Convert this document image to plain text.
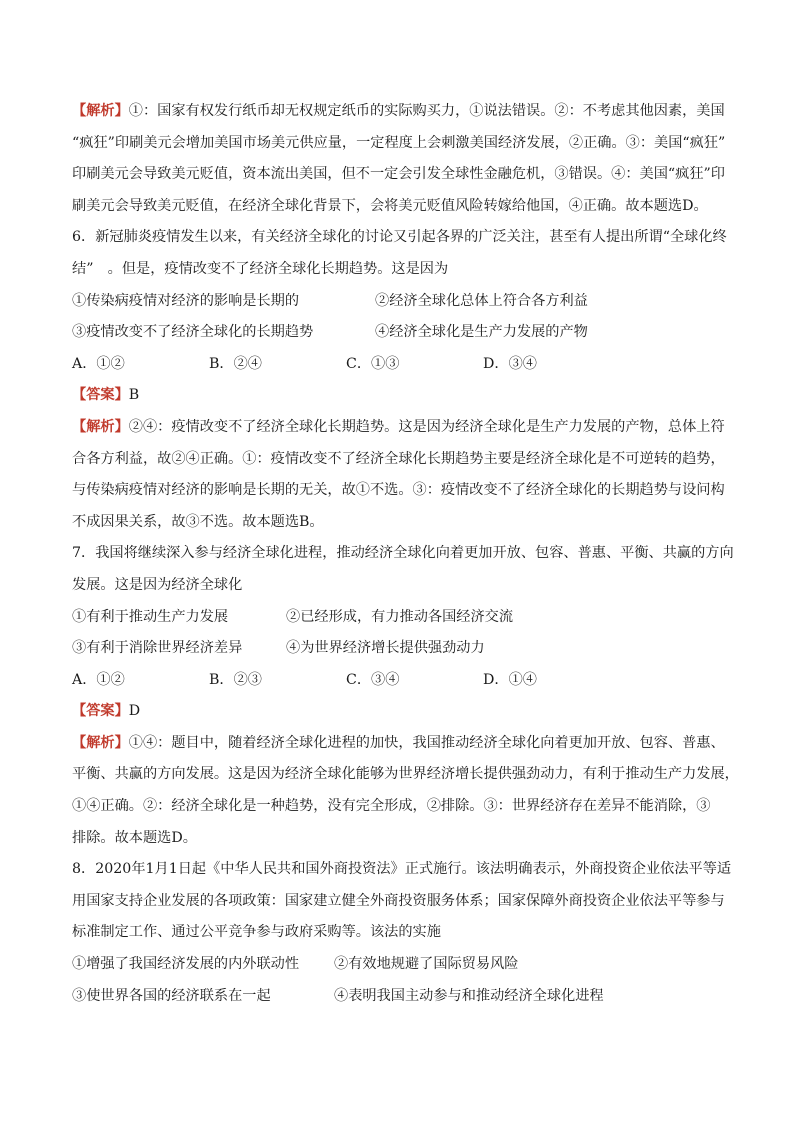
【解析】①：国家有权发行纸币却无权规定纸币的实际购买力，①说法错误。②：不考虑其他因素，美国
“疯狂”印刷美元会增加美国市场美元供应量，一定程度上会刺激美国经济发展，②正确。③：美国“疯狂”
印刷美元会导致美元贬值，资本流出美国，但不一定会引发全球性金融危机，③错误。④：美国“疯狂”印
刷美元会导致美元贬值，在经济全球化背景下，会将美元贬值风险转嫁给他国，④正确。故本题选D。
6．新冠肺炎疫情发生以来，有关经济全球化的讨论又引起各界的广泛关注，甚至有人提出所谓“全球化终
结”　。但是，疫情改变不了经济全球化长期趋势。这是因为
①传染病疫情对经济的影响是长期的	②经济全球化总体上符合各方利益
③疫情改变不了经济全球化的长期趋势	④经济全球化是生产力发展的产物
A．①②	B．②④	C．①③	D．③④
【答案】B
【解析】②④：疫情改变不了经济全球化长期趋势。这是因为经济全球化是生产力发展的产物，总体上符
合各方利益，故②④正确。①：疫情改变不了经济全球化长期趋势主要是经济全球化是不可逆转的趋势，
与传染病疫情对经济的影响是长期的无关，故①不选。③：疫情改变不了经济全球化的长期趋势与设问构
不成因果关系，故③不选。故本题选B。
7．我国将继续深入参与经济全球化进程，推动经济全球化向着更加开放、包容、普惠、平衡、共赢的方向
发展。这是因为经济全球化
①有利于推动生产力发展	②已经形成，有力推动各国经济交流
③有利于消除世界经济差异	④为世界经济增长提供强劲动力
A．①②	B．②③	C．③④	D．①④
【答案】D
【解析】①④：题目中，随着经济全球化进程的加快，我国推动经济全球化向着更加开放、包容、普惠、
平衡、共赢的方向发展。这是因为经济全球化能够为世界经济增长提供强劲动力，有利于推动生产力发展，
①④正确。②：经济全球化是一种趋势，没有完全形成，②排除。③：世界经济存在差异不能消除，③
排除。故本题选D。
8．2020年1月1日起《中华人民共和国外商投资法》正式施行。该法明确表示，外商投资企业依法平等适
用国家支持企业发展的各项政策：国家建立健全外商投资服务体系；国家保障外商投资企业依法平等参与
标准制定工作、通过公平竞争参与政府采购等。该法的实施
①增强了我国经济发展的内外联动性	②有效地规避了国际贸易风险
③使世界各国的经济联系在一起	④表明我国主动参与和推动经济全球化进程
